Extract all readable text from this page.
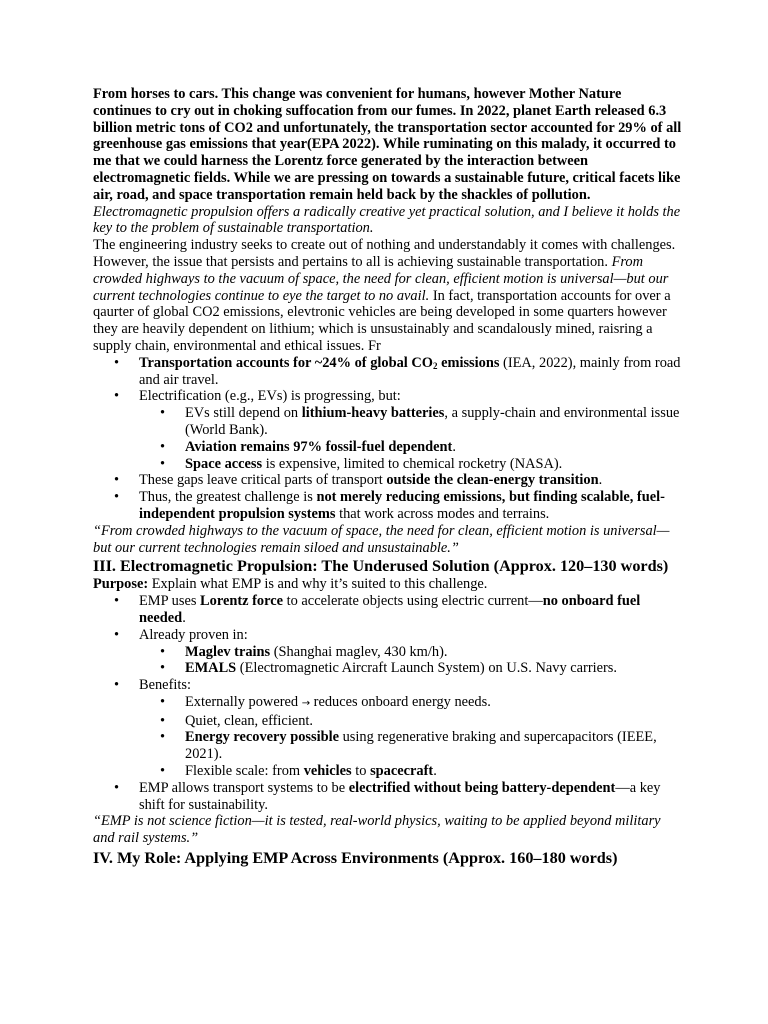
From horses to cars. This change was convenient for humans, however Mother Nature continues to cry out in choking suffocation from our fumes. In 2022, planet Earth released 6.3 billion metric tons of CO2 and unfortunately, the transportation sector accounted for 29% of all greenhouse gas emissions that year(EPA 2022). While ruminating on this malady, it occurred to me that we could harness the Lorentz force generated by the interaction between electromagnetic fields. While we are pressing on towards a sustainable future, critical facets like air, road, and space transportation remain held back by the shackles of pollution. Electromagnetic propulsion offers a radically creative yet practical solution, and I believe it holds the key to the problem of sustainable transportation.

The engineering industry seeks to create out of nothing and understandably it comes with challenges. However, the issue that persists and pertains to all is achieving sustainable transportation. From crowded highways to the vacuum of space, the need for clean, efficient motion is universal—but our current technologies continue to eye the target to no avail. In fact, transportation accounts for over a qaurter of global CO2 emissions, elevtronic vehicles are being developed in some quarters however they are heavily dependent on lithium; which is unsustainably and scandalously mined, raisring a supply chain, environmental and ethical issues. Fr

• Transportation accounts for ~24% of global $CO_2$ emissions (IEA, 2022), mainly from road and air travel.
• Electrification (e.g., EVs) is progressing, but:
• EVs still depend on lithium-heavy batteries, a supply-chain and environmental issue (World Bank).
• Aviation remains 97% fossil-fuel dependent.
• Space access is expensive, limited to chemical rocketry (NASA).
• These gaps leave critical parts of transport outside the clean-energy transition.
• Thus, the greatest challenge is not merely reducing emissions, but finding scalable, fuel-independent propulsion systems that work across modes and terrains.

“From crowded highways to the vacuum of space, the need for clean, efficient motion is universal—but our current technologies remain siloed and unsustainable.”

III. Electromagnetic Propulsion: The Underused Solution (Approx. 120–130 words)

Purpose: Explain what EMP is and why it’s suited to this challenge.

• EMP uses Lorentz force to accelerate objects using electric current—no onboard fuel needed.
• Already proven in:
• Maglev trains (Shanghai maglev, 430 km/h).
• EMALS (Electromagnetic Aircraft Launch System) on U.S. Navy carriers.
• Benefits:
• Externally powered → reduces onboard energy needs.
• Quiet, clean, efficient.
• Energy recovery possible using regenerative braking and supercapacitors (IEEE, 2021).
• Flexible scale: from vehicles to spacecraft.
• EMP allows transport systems to be electrified without being battery-dependent—a key shift for sustainability.

“EMP is not science fiction—it is tested, real-world physics, waiting to be applied beyond military and rail systems.”

IV. My Role: Applying EMP Across Environments (Approx. 160–180 words)
